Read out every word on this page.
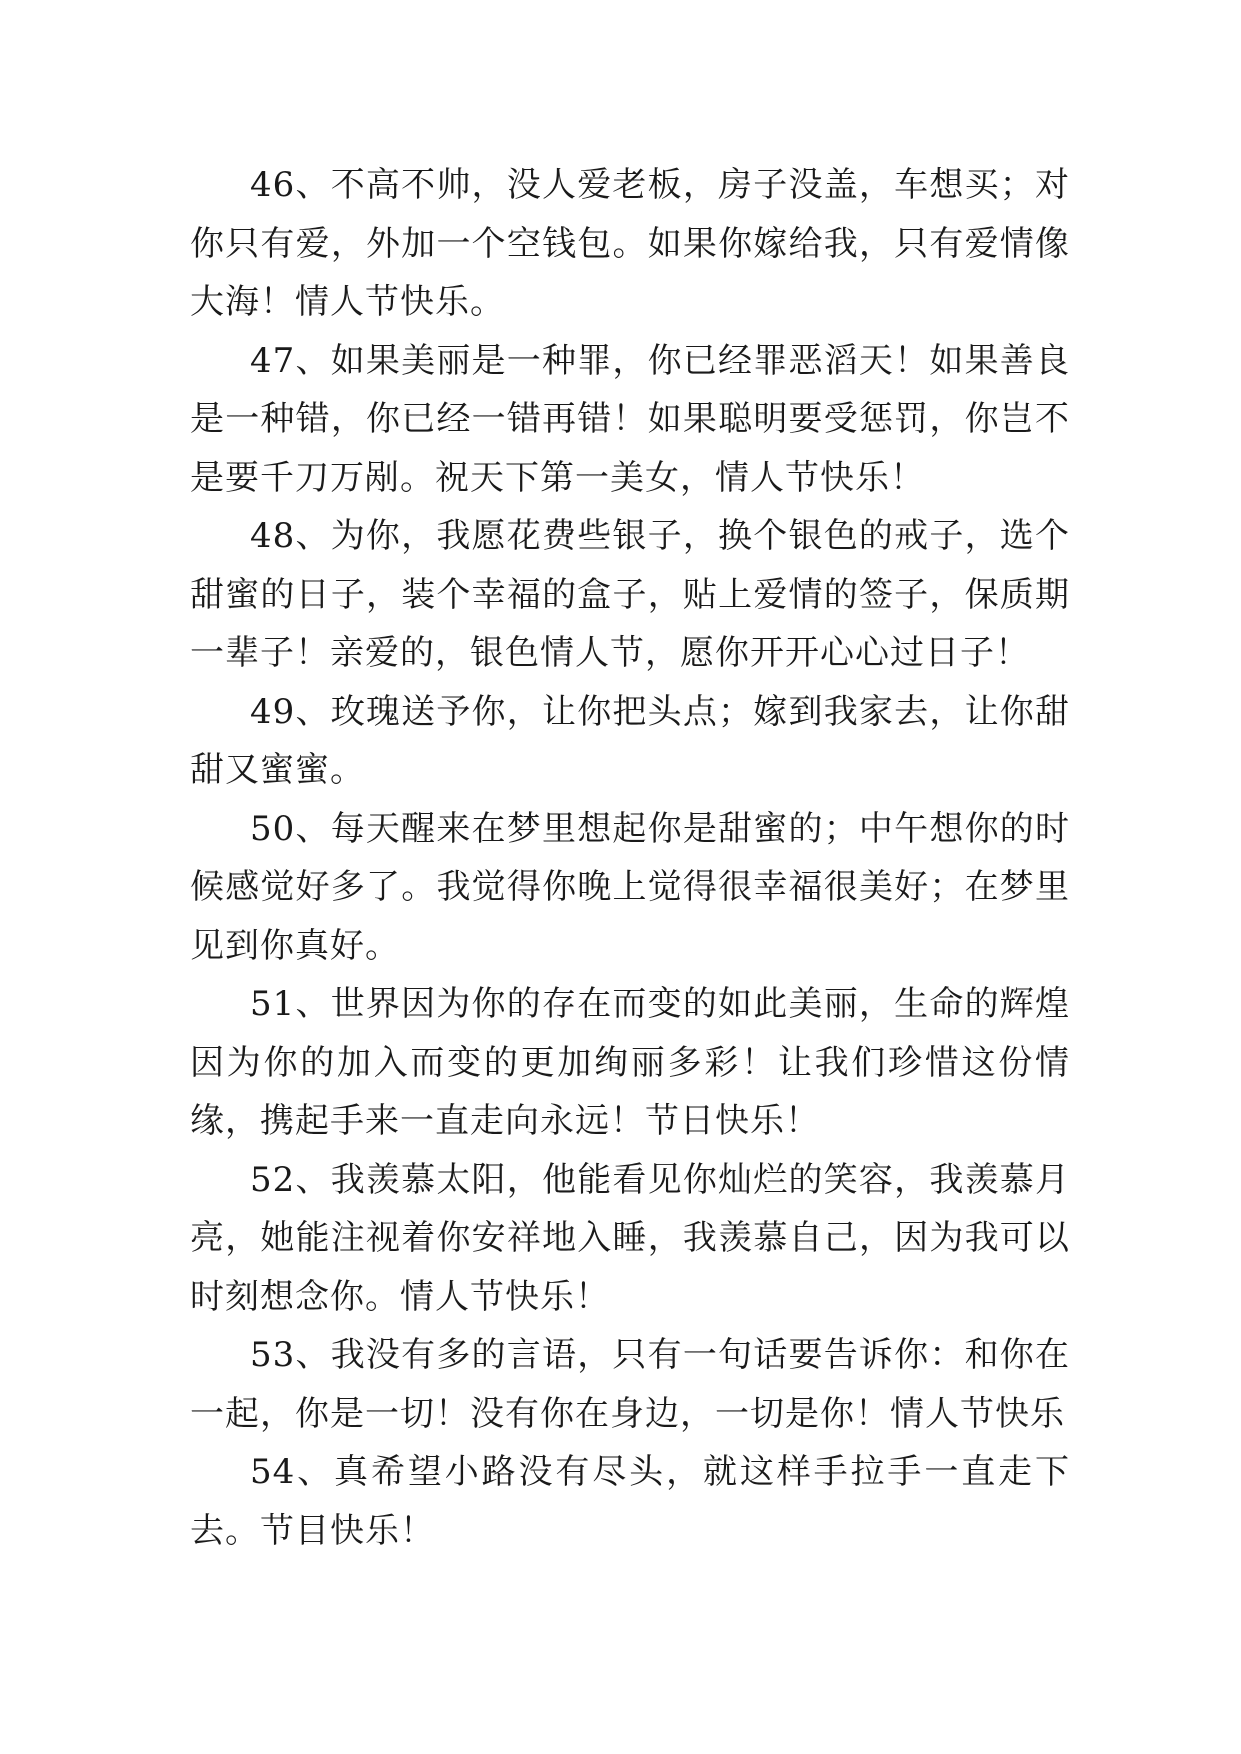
46、不高不帅，没人爱老板，房子没盖，车想买；对你只有爱，外加一个空钱包。如果你嫁给我，只有爱情像大海！情人节快乐。

47、如果美丽是一种罪，你已经罪恶滔天！如果善良是一种错，你已经一错再错！如果聪明要受惩罚，你岂不是要千刀万剐。祝天下第一美女，情人节快乐！

48、为你，我愿花费些银子，换个银色的戒子，选个甜蜜的日子，装个幸福的盒子，贴上爱情的签子，保质期一辈子！亲爱的，银色情人节，愿你开开心心过日子！

49、玫瑰送予你，让你把头点；嫁到我家去，让你甜甜又蜜蜜。

50、每天醒来在梦里想起你是甜蜜的；中午想你的时候感觉好多了。我觉得你晚上觉得很幸福很美好；在梦里见到你真好。

51、世界因为你的存在而变的如此美丽，生命的辉煌因为你的加入而变的更加绚丽多彩！让我们珍惜这份情缘，携起手来一直走向永远！节日快乐！

52、我羡慕太阳，他能看见你灿烂的笑容，我羡慕月亮，她能注视着你安祥地入睡，我羡慕自己，因为我可以时刻想念你。情人节快乐！

53、我没有多的言语，只有一句话要告诉你：和你在一起，你是一切！没有你在身边，一切是你！情人节快乐

54、真希望小路没有尽头，就这样手拉手一直走下去。节目快乐！
